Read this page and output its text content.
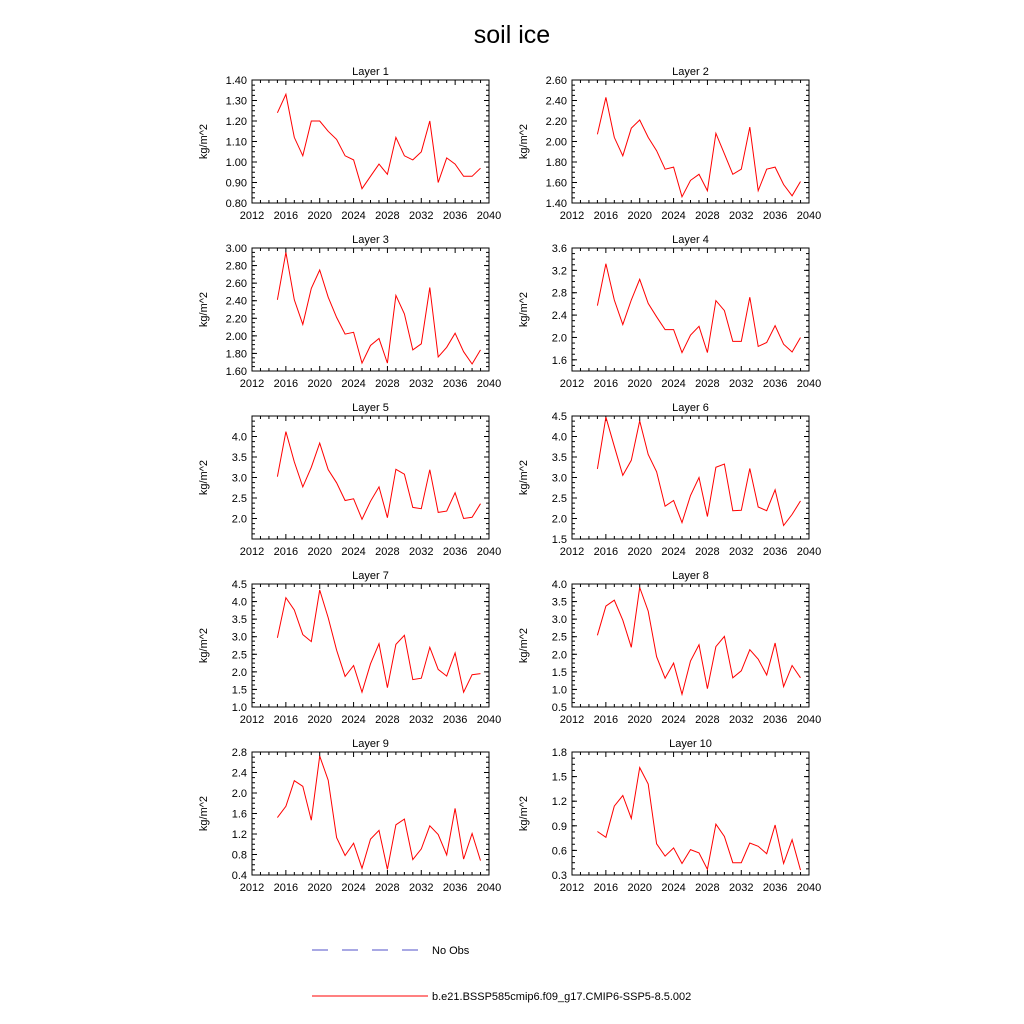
soil ice
Layer 1
kg/m^2
2012 2016 2020 2024 2028 2032 2036 2040
0.80
0.90
1.00
1.10
1.20
1.30
1.40
Layer 2
kg/m^2
2012 2016 2020 2024 2028 2032 2036 2040
1.40
1.60
1.80
2.00
2.20
2.40
2.60
Layer 3
kg/m^2
2012 2016 2020 2024 2028 2032 2036 2040
1.60
1.80
2.00
2.20
2.40
2.60
2.80
3.00
Layer 4
kg/m^2
2012 2016 2020 2024 2028 2032 2036 2040
1.6
2.0
2.4
2.8
3.2
3.6
Layer 5
kg/m^2
2012 2016 2020 2024 2028 2032 2036 2040
2.0
2.5
3.0
3.5
4.0
Layer 6
kg/m^2
2012 2016 2020 2024 2028 2032 2036 2040
1.5
2.0
2.5
3.0
3.5
4.0
4.5
Layer 7
kg/m^2
2012 2016 2020 2024 2028 2032 2036 2040
1.0
1.5
2.0
2.5
3.0
3.5
4.0
4.5
Layer 8
kg/m^2
2012 2016 2020 2024 2028 2032 2036 2040
0.5
1.0
1.5
2.0
2.5
3.0
3.5
4.0
Layer 9
kg/m^2
2012 2016 2020 2024 2028 2032 2036 2040
0.4
0.8
1.2
1.6
2.0
2.4
2.8
Layer 10
kg/m^2
2012 2016 2020 2024 2028 2032 2036 2040
0.3
0.6
0.9
1.2
1.5
1.8
No Obs
b.e21.BSSP585cmip6.f09_g17.CMIP6-SSP5-8.5.002
